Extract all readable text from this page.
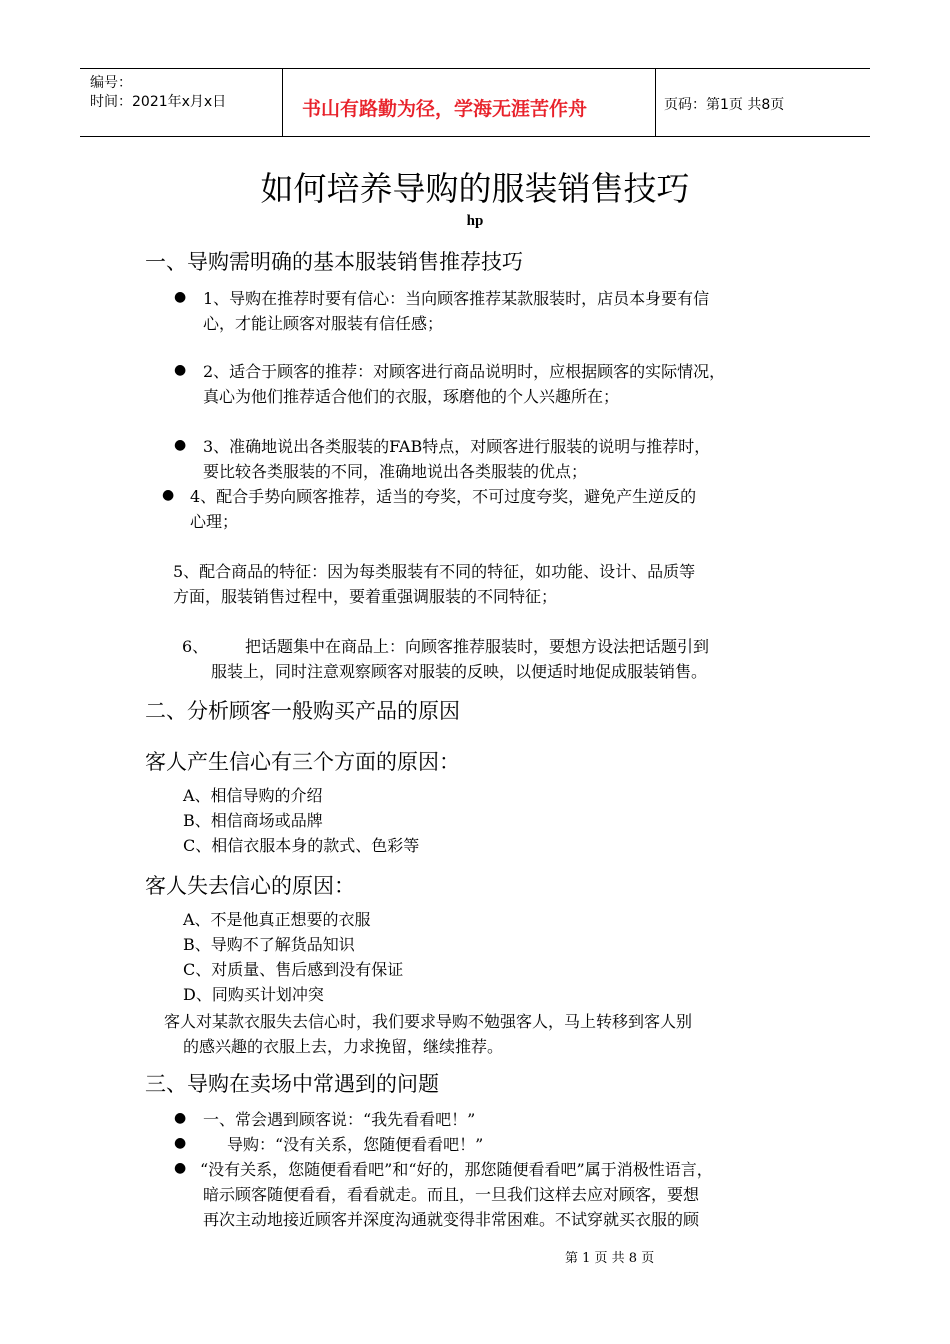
编号：
时间：2021年x月x日	书山有路勤为径，学海无涯苦作舟	页码：第1页 共8页
如何培养导购的服装销售技巧
hp
一、导购需明确的基本服装销售推荐技巧
● 1、导购在推荐时要有信心：当向顾客推荐某款服装时，店员本身要有信
心，才能让顾客对服装有信任感；
● 2、适合于顾客的推荐：对顾客进行商品说明时，应根据顾客的实际情况，
真心为他们推荐适合他们的衣服，琢磨他的个人兴趣所在；
● 3、准确地说出各类服装的FAB特点，对顾客进行服装的说明与推荐时，
要比较各类服装的不同，准确地说出各类服装的优点；
● 4、配合手势向顾客推荐，适当的夸奖，不可过度夸奖，避免产生逆反的
心理；
5、配合商品的特征：因为每类服装有不同的特征，如功能、设计、品质等
方面，服装销售过程中，要着重强调服装的不同特征；
6、 把话题集中在商品上：向顾客推荐服装时，要想方设法把话题引到
服装上，同时注意观察顾客对服装的反映，以便适时地促成服装销售。
二、分析顾客一般购买产品的原因
客人产生信心有三个方面的原因：
A、相信导购的介绍
B、相信商场或品牌
C、相信衣服本身的款式、色彩等
客人失去信心的原因：
A、不是他真正想要的衣服
B、导购不了解货品知识
C、对质量、售后感到没有保证
D、同购买计划冲突
客人对某款衣服失去信心时，我们要求导购不勉强客人，马上转移到客人别
的感兴趣的衣服上去，力求挽留，继续推荐。
三、导购在卖场中常遇到的问题
● 一、常会遇到顾客说：“我先看看吧！”
●	导购：“没有关系，您随便看看吧！”
● “没有关系，您随便看看吧”和“好的，那您随便看看吧”属于消极性语言，
暗示顾客随便看看，看看就走。而且，一旦我们这样去应对顾客，要想
再次主动地接近顾客并深度沟通就变得非常困难。不试穿就买衣服的顾
第 1 页 共 8 页
